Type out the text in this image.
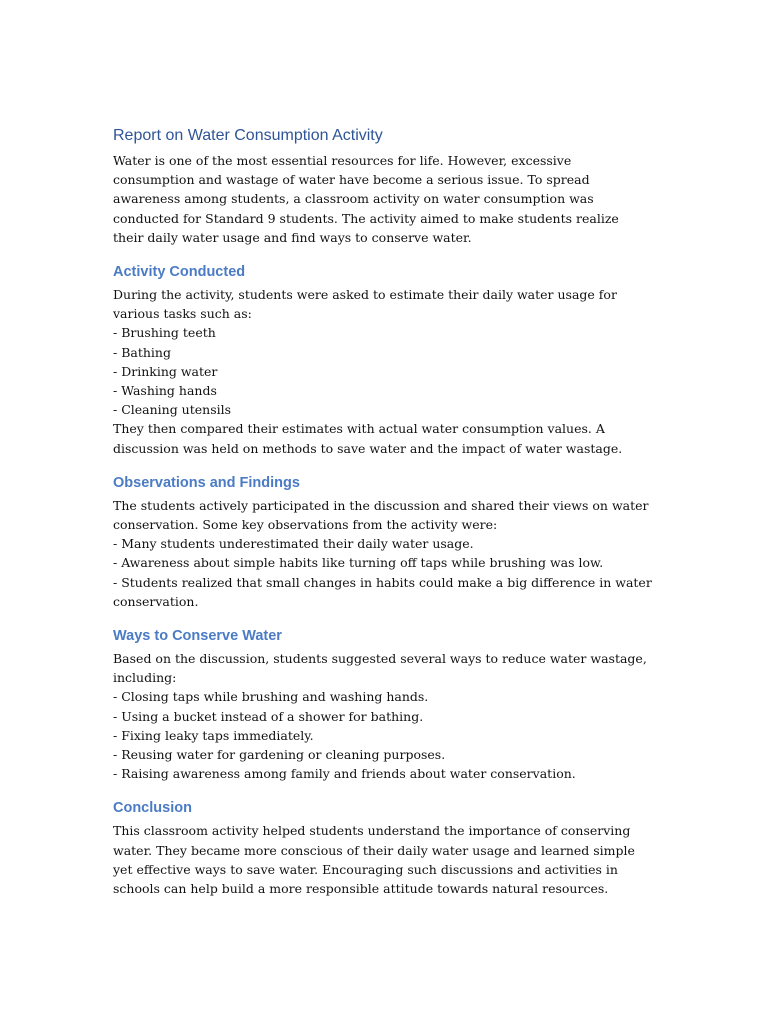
Report on Water Consumption Activity

Water is one of the most essential resources for life. However, excessive consumption and wastage of water have become a serious issue. To spread awareness among students, a classroom activity on water consumption was conducted for Standard 9 students. The activity aimed to make students realize their daily water usage and find ways to conserve water.

Activity Conducted

During the activity, students were asked to estimate their daily water usage for various tasks such as:

- Brushing teeth
- Bathing
- Drinking water
- Washing hands
- Cleaning utensils

They then compared their estimates with actual water consumption values. A discussion was held on methods to save water and the impact of water wastage.

Observations and Findings

The students actively participated in the discussion and shared their views on water conservation. Some key observations from the activity were:

- Many students underestimated their daily water usage.
- Awareness about simple habits like turning off taps while brushing was low.
- Students realized that small changes in habits could make a big difference in water conservation.
Ways to Conserve Water

Based on the discussion, students suggested several ways to reduce water wastage, including:

- Closing taps while brushing and washing hands.
- Using a bucket instead of a shower for bathing.
- Fixing leaky taps immediately.
- Reusing water for gardening or cleaning purposes.
- Raising awareness among family and friends about water conservation.
Conclusion

This classroom activity helped students understand the importance of conserving water. They became more conscious of their daily water usage and learned simple yet effective ways to save water. Encouraging such discussions and activities in schools can help build a more responsible attitude towards natural resources.
